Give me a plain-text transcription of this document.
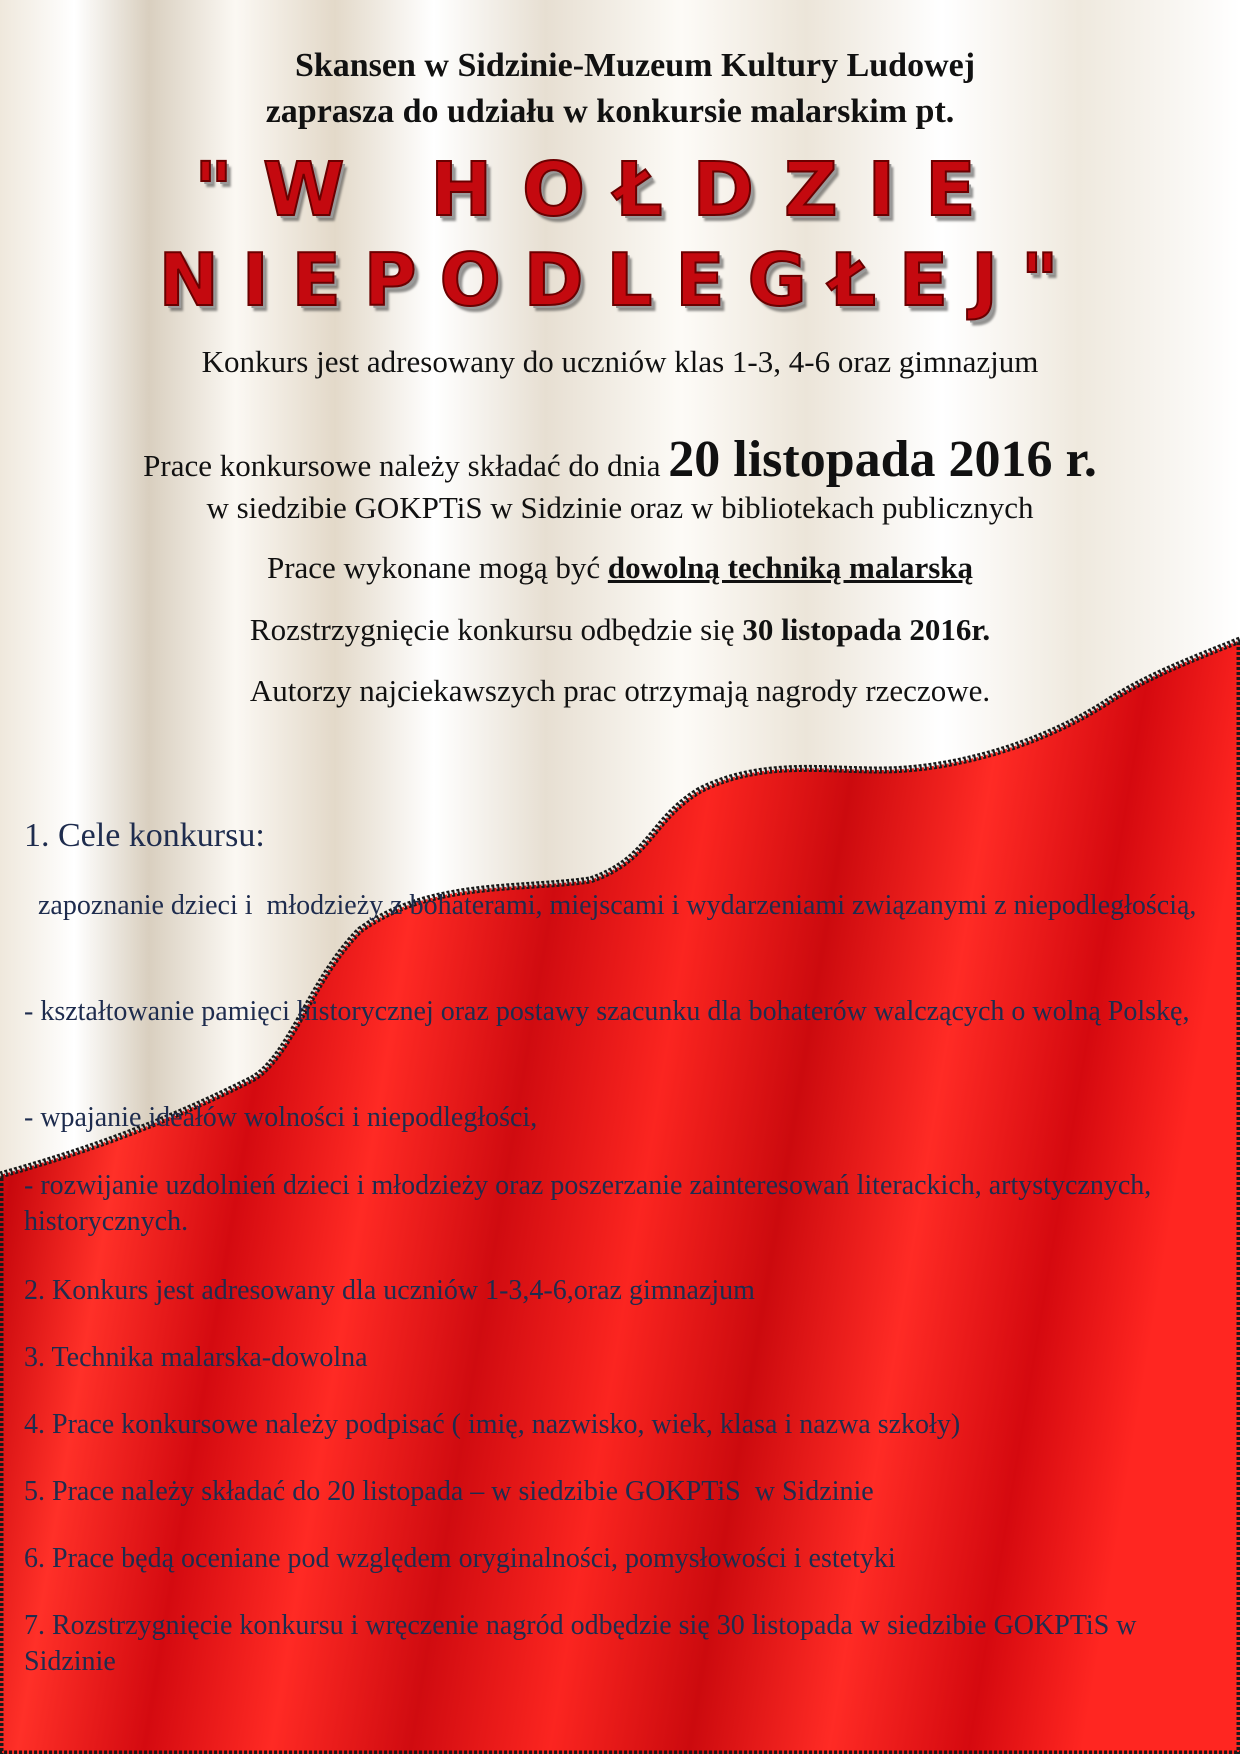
Skansen w Sidzinie-Muzeum Kultury Ludowej
zaprasza do udziału w konkursie malarskim pt.
"W HOŁDZIE
NIEPODLEGŁEJ"
Konkurs jest adresowany do uczniów klas 1-3, 4-6 oraz gimnazjum
Prace konkursowe należy składać do dnia 20 listopada 2016 r.
w siedzibie GOKPTiS w Sidzinie oraz w bibliotekach publicznych
Prace wykonane mogą być dowolną techniką malarską
Rozstrzygnięcie konkursu odbędzie się 30 listopada 2016r.
Autorzy najciekawszych prac otrzymają nagrody rzeczowe.
1. Cele konkursu:
zapoznanie dzieci i  młodzieży z bohaterami, miejscami i wydarzeniami związanymi z niepodległością,
- kształtowanie pamięci historycznej oraz postawy szacunku dla bohaterów walczących o wolną Polskę,
- wpajanie ideałów wolności i niepodległości,
- rozwijanie uzdolnień dzieci i młodzieży oraz poszerzanie zainteresowań literackich, artystycznych, historycznych.
2. Konkurs jest adresowany dla uczniów 1-3,4-6,oraz gimnazjum
3. Technika malarska-dowolna
4. Prace konkursowe należy podpisać ( imię, nazwisko, wiek, klasa i nazwa szkoły)
5. Prace należy składać do 20 listopada – w siedzibie GOKPTiS  w Sidzinie
6. Prace będą oceniane pod względem oryginalności, pomysłowości i estetyki
7. Rozstrzygnięcie konkursu i wręczenie nagród odbędzie się 30 listopada w siedzibie GOKPTiS w Sidzinie
